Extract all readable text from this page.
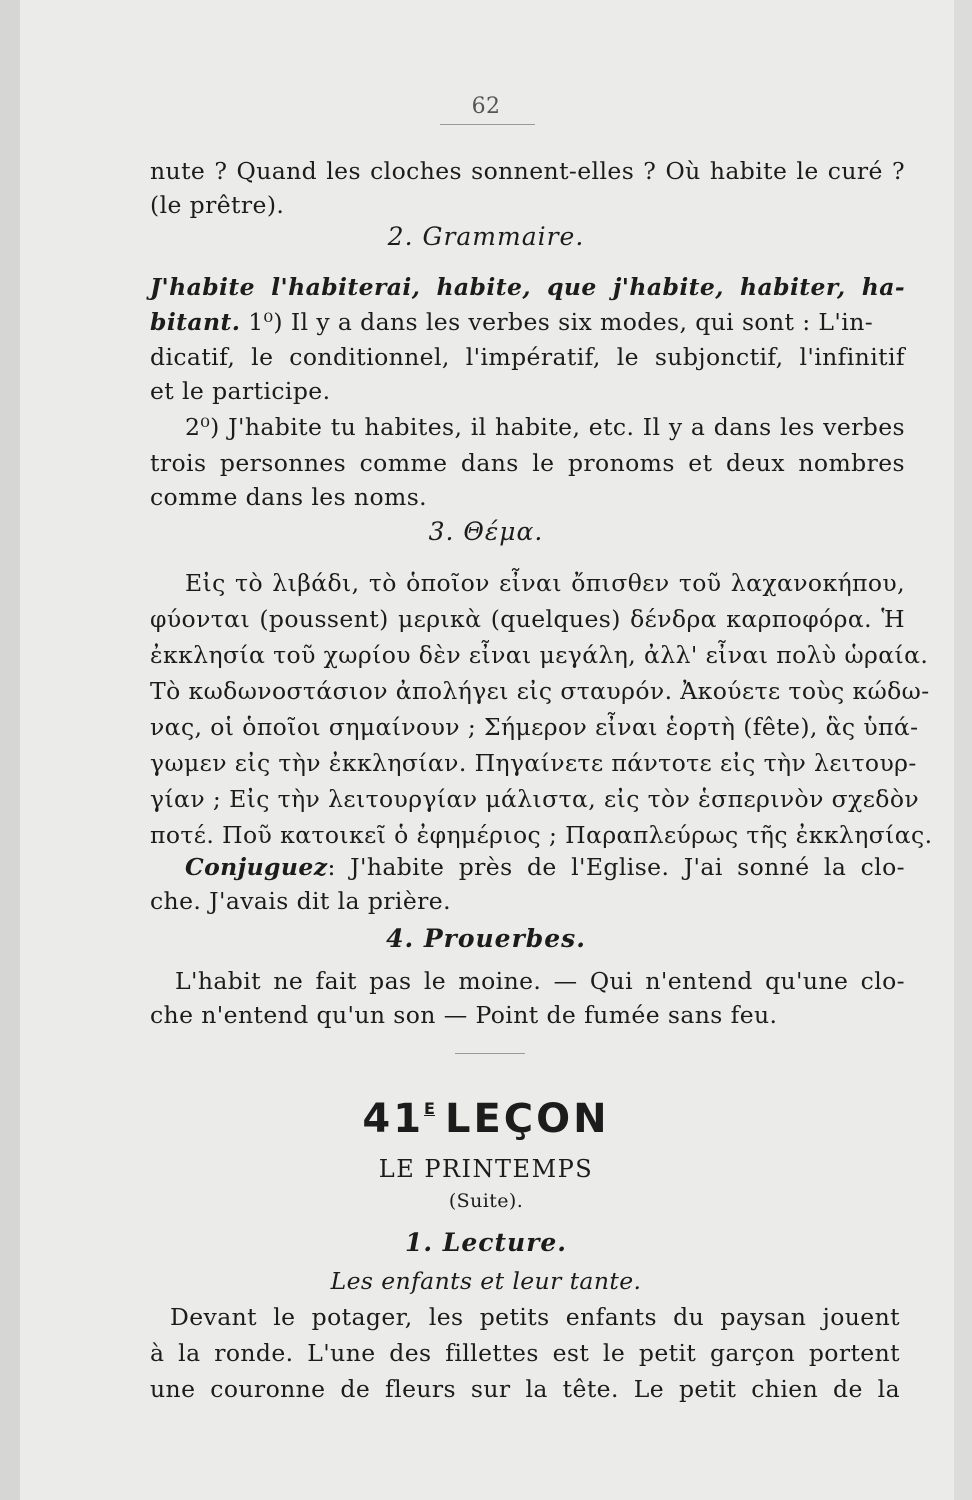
62
nute ? Quand les cloches sonnent-elles ? Où habite le curé ?
(le prêtre).
2. Grammaire.
J'habite l'habiterai, habite, que j'habite, habiter, ha-
bitant. 1⁰) Il y a dans les verbes six modes, qui sont : L'in-
dicatif, le conditionnel, l'impératif, le subjonctif, l'infinitif
et le participe.
2⁰) J'habite tu habites, il habite, etc. Il y a dans les verbes
trois personnes comme dans le pronoms et deux nombres
comme dans les noms.
3. Θέμα.
Εἰς τὸ λιβάδι, τὸ ὁποῖον εἶναι ὄπισθεν τοῦ λαχανοκήπου,
φύονται (poussent) μερικὰ (quelques) δένδρα καρποφόρα. Ἡ
ἐκκλησία τοῦ χωρίου δὲν εἶναι μεγάλη, ἀλλ' εἶναι πολὺ ὡραία.
Τὸ κωδωνοστάσιον ἀπολήγει εἰς σταυρόν. Ἀκούετε τοὺς κώδω-
νας, οἱ ὁποῖοι σημαίνουν ; Σήμερον εἶναι ἑορτὴ (fête), ἃς ὑπά-
γωμεν εἰς τὴν ἐκκλησίαν. Πηγαίνετε πάντοτε εἰς τὴν λειτουρ-
γίαν ; Εἰς τὴν λειτουργίαν μάλιστα, εἰς τὸν ἑσπερινὸν σχεδὸν
ποτέ. Ποῦ κατοικεῖ ὁ ἐφημέριος ; Παραπλεύρως τῆς ἐκκλησίας.
Conjuguez: J'habite près de l'Eglise. J'ai sonné la clo-
che. J'avais dit la prière.
4. Prouerbes.
L'habit ne fait pas le moine. — Qui n'entend qu'une clo-
che n'entend qu'un son — Point de fumée sans feu.
$41^E$ LEÇON
LE PRINTEMPS
(Suite).
1. Lecture.
Les enfants et leur tante.
Devant le potager, les petits enfants du paysan jouent
à la ronde. L'une des fillettes est le petit garçon portent
une couronne de fleurs sur la tête. Le petit chien de la
